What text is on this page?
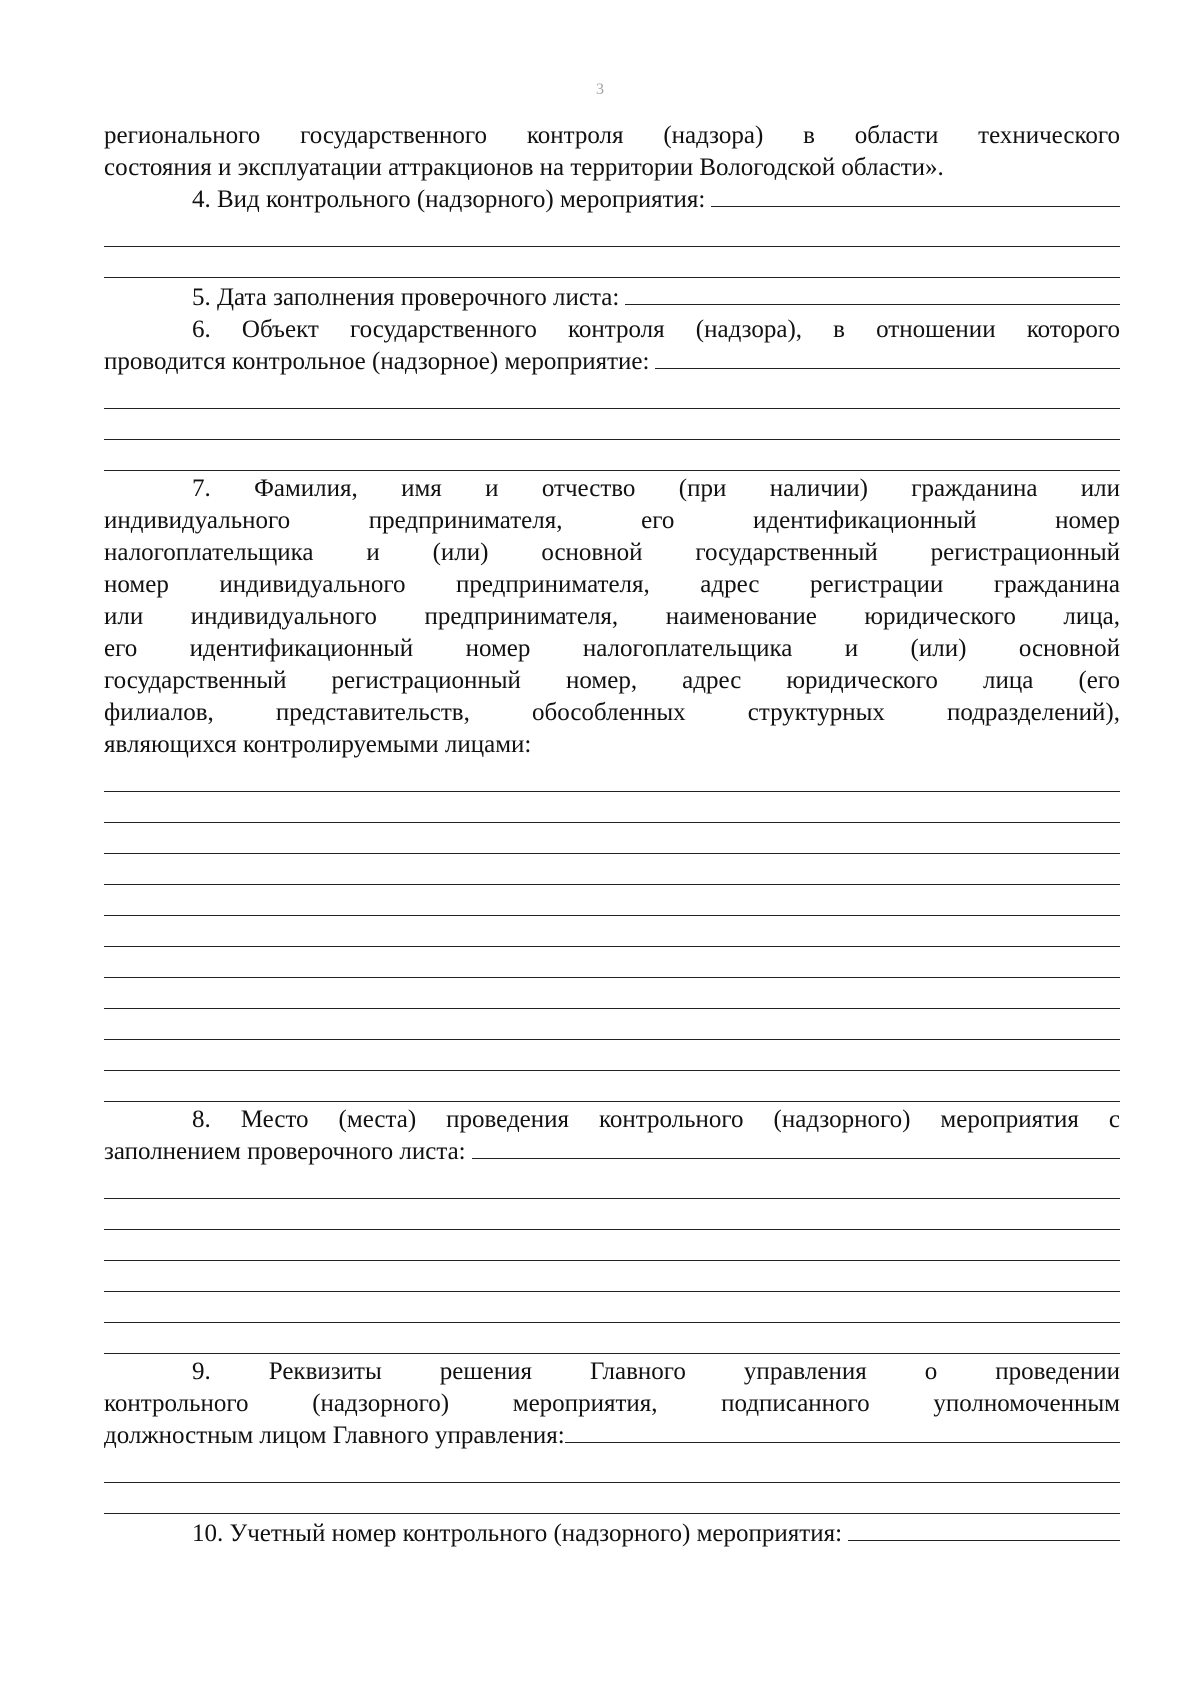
3

регионального государственного контроля (надзора) в области технического

состояния и эксплуатации аттракционов на территории Вологодской области».

4. Вид контрольного (надзорного) мероприятия:
5. Дата заполнения проверочного листа:

6. Объект государственного контроля (надзора), в отношении которого

проводится контрольное (надзорное) мероприятие:

7. Фамилия, имя и отчество (при наличии) гражданина или

индивидуального предпринимателя, его идентификационный номер

налогоплательщика и (или) основной государственный регистрационный

номер индивидуального предпринимателя, адрес регистрации гражданина

или индивидуального предпринимателя, наименование юридического лица,

его идентификационный номер налогоплательщика и (или) основной

государственный регистрационный номер, адрес юридического лица (его

филиалов, представительств, обособленных структурных подразделений),

являющихся контролируемыми лицами:

8. Место (места) проведения контрольного (надзорного) мероприятия с

заполнением проверочного листа:

9. Реквизиты решения Главного управления о проведении

контрольного (надзорного) мероприятия, подписанного уполномоченным

должностным лицом Главного управления:
10. Учетный номер контрольного (надзорного) мероприятия:
